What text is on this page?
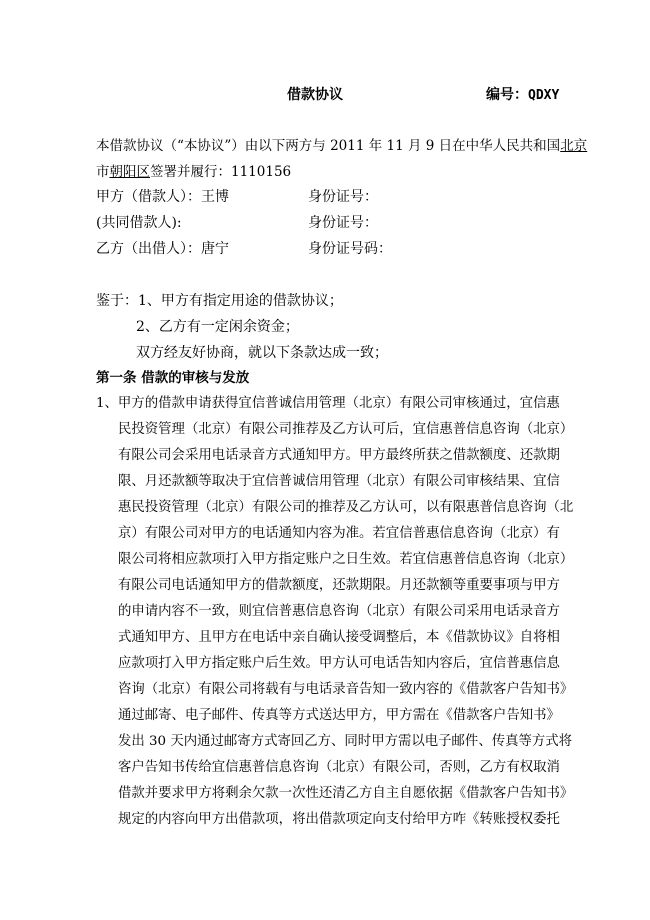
借款协议	编号：QDXY
本借款协议（“本协议”）由以下两方与 2011 年 11 月 9 日在中华人民共和国北京
市朝阳区签署并履行：1110156
甲方（借款人）：王博	身份证号：
(共同借款人):	身份证号：
乙方（出借人）：唐宁	身份证号码：
鉴于：1、甲方有指定用途的借款协议；
2、乙方有一定闲余资金；
双方经友好协商，就以下条款达成一致；
第一条 借款的审核与发放
1、甲方的借款申请获得宜信普诚信用管理（北京）有限公司审核通过，宜信惠
民投资管理（北京）有限公司推荐及乙方认可后，宜信惠普信息咨询（北京）
有限公司会采用电话录音方式通知甲方。甲方最终所获之借款额度、还款期
限、月还款额等取决于宜信普诚信用管理（北京）有限公司审核结果、宜信
惠民投资管理（北京）有限公司的推荐及乙方认可，以有限惠普信息咨询（北
京）有限公司对甲方的电话通知内容为准。若宜信普惠信息咨询（北京）有
限公司将相应款项打入甲方指定账户之日生效。若宜信惠普信息咨询（北京）
有限公司电话通知甲方的借款额度，还款期限。月还款额等重要事项与甲方
的申请内容不一致，则宜信普惠信息咨询（北京）有限公司采用电话录音方
式通知甲方、且甲方在电话中亲自确认接受调整后，本《借款协议》自将相
应款项打入甲方指定账户后生效。甲方认可电话告知内容后，宜信普惠信息
咨询（北京）有限公司将载有与电话录音告知一致内容的《借款客户告知书》
通过邮寄、电子邮件、传真等方式送达甲方，甲方需在《借款客户告知书》
发出 30 天内通过邮寄方式寄回乙方、同时甲方需以电子邮件、传真等方式将
客户告知书传给宜信惠普信息咨询（北京）有限公司，否则，乙方有权取消
借款并要求甲方将剩余欠款一次性还清乙方自主自愿依据《借款客户告知书》
规定的内容向甲方出借款项，将出借款项定向支付给甲方咋《转账授权委托
